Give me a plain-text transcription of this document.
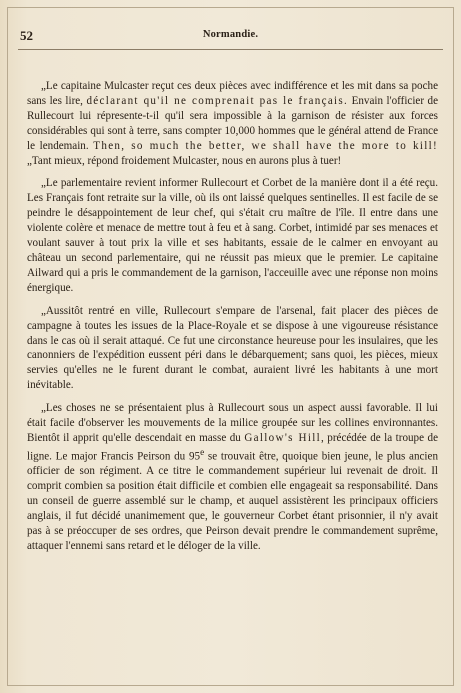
52	Normandie.

„Le capitaine Mulcaster reçut ces deux pièces avec indifférence et les mit dans sa poche sans les lire, déclarant qu'il ne comprenait pas le français. Envain l'officier de Rullecourt lui répresente-t-il qu'il sera impossible à la garnison de résister aux forces considérables qui sont à terre, sans compter 10,000 hommes que le général attend de France le lendemain. Then, so much the better, we shall have the more to kill! „Tant mieux, répond froidement Mulcaster, nous en aurons plus à tuer!

„Le parlementaire revient informer Rullecourt et Corbet de la manière dont il a été reçu. Les Français font retraite sur la ville, où ils ont laissé quelques sentinelles. Il est facile de se peindre le désappointement de leur chef, qui s'était cru maître de l'île. Il entre dans une violente colère et menace de mettre tout à feu et à sang. Corbet, intimidé par ses menaces et voulant sauver à tout prix la ville et ses habitants, essaie de le calmer en envoyant au château un second parlementaire, qui ne réussit pas mieux que le premier. Le capitaine Ailward qui a pris le commandement de la garnison, l'acceuille avec une réponse non moins énergique.

„Aussitôt rentré en ville, Rullecourt s'empare de l'arsenal, fait placer des pièces de campagne à toutes les issues de la Place-Royale et se dispose à une vigoureuse résistance dans le cas où il serait attaqué. Ce fut une circonstance heureuse pour les insulaires, que les canonniers de l'expédition eussent péri dans le débarquement; sans quoi, les pièces, mieux servies qu'elles ne le furent durant le combat, auraient livré les habitants à une mort inévitable.

„Les choses ne se présentaient plus à Rullecourt sous un aspect aussi favorable. Il lui était facile d'observer les mouvements de la milice groupée sur les collines environnantes. Bientôt il apprit qu'elle descendait en masse du Gallow's Hill, précédée de la troupe de ligne. Le major Francis Peirson du 95e se trouvait être, quoique bien jeune, le plus ancien officier de son régiment. A ce titre le commandement supérieur lui revenait de droit. Il comprit combien sa position était difficile et combien elle engageait sa responsabilité. Dans un conseil de guerre assemblé sur le champ, et auquel assistèrent les principaux officiers anglais, il fut décidé unanimement que, le gouverneur Corbet étant prisonnier, il n'y avait pas à se préoccuper de ses ordres, que Peirson devait prendre le commandement suprême, attaquer l'ennemi sans retard et le déloger de la ville.
